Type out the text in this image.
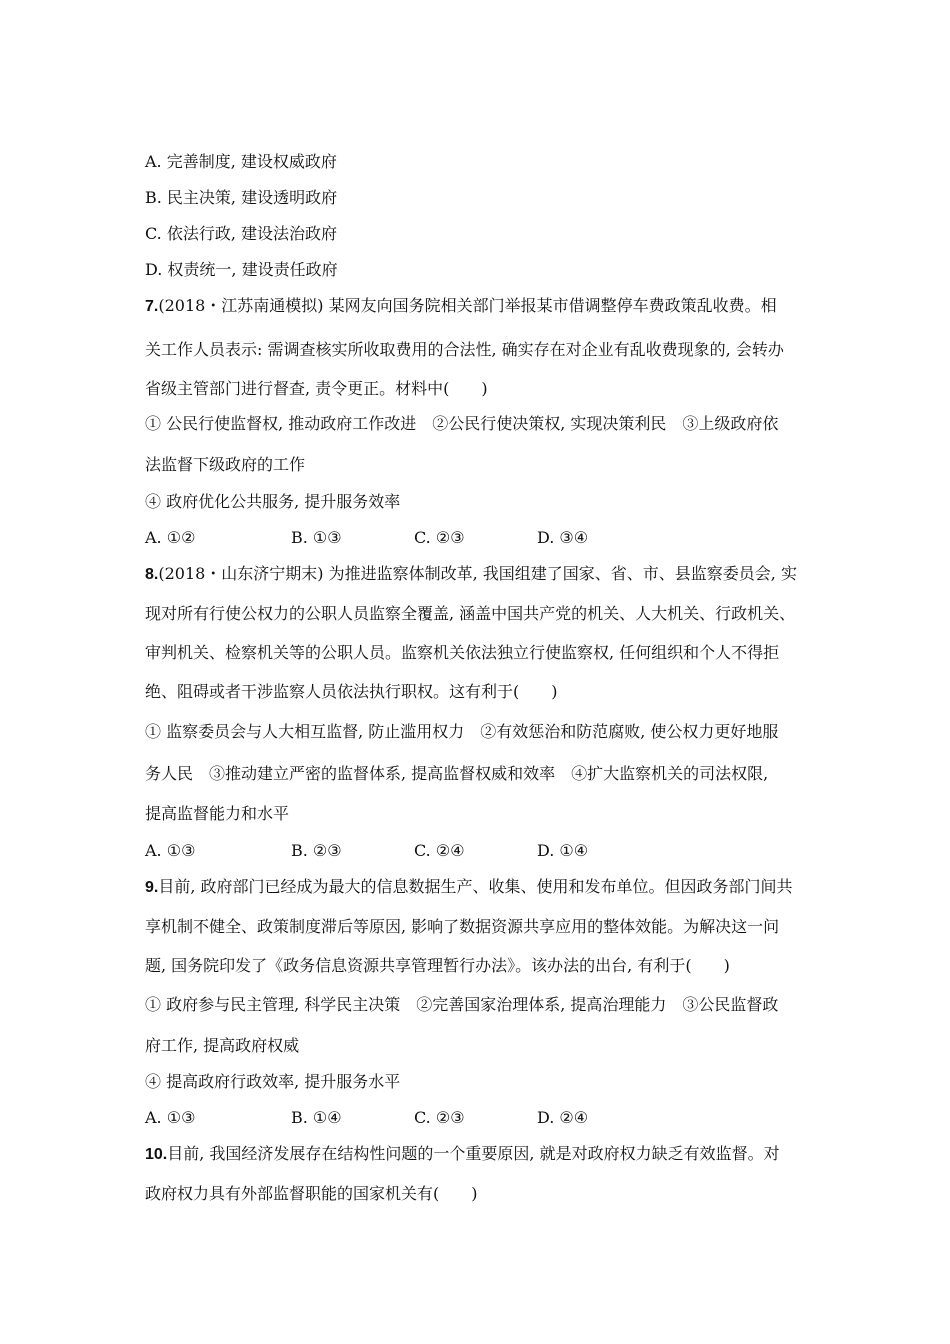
A. 完善制度, 建设权威政府
B. 民主决策, 建设透明政府
C. 依法行政, 建设法治政府
D. 权责统一, 建设责任政府
7.(2018・江苏南通模拟) 某网友向国务院相关部门举报某市借调整停车费政策乱收费。相
关工作人员表示: 需调查核实所收取费用的合法性, 确实存在对企业有乱收费现象的, 会转办
省级主管部门进行督查, 责令更正。材料中(　　)
① 公民行使监督权, 推动政府工作改进　②公民行使决策权, 实现决策利民　③上级政府依
法监督下级政府的工作
④ 政府优化公共服务, 提升服务效率
A. ①②	B. ①③	C. ②③	D. ③④
8.(2018・山东济宁期末) 为推进监察体制改革, 我国组建了国家、省、市、县监察委员会, 实
现对所有行使公权力的公职人员监察全覆盖, 涵盖中国共产党的机关、人大机关、行政机关、
审判机关、检察机关等的公职人员。监察机关依法独立行使监察权, 任何组织和个人不得拒
绝、阻碍或者干涉监察人员依法执行职权。这有利于(　　)
① 监察委员会与人大相互监督, 防止滥用权力　②有效惩治和防范腐败, 使公权力更好地服
务人民　③推动建立严密的监督体系, 提高监督权威和效率　④扩大监察机关的司法权限,
提高监督能力和水平
A. ①③	B. ②③	C. ②④	D. ①④
9.目前, 政府部门已经成为最大的信息数据生产、收集、使用和发布单位。但因政务部门间共
享机制不健全、政策制度滞后等原因, 影响了数据资源共享应用的整体效能。为解决这一问
题, 国务院印发了《政务信息资源共享管理暂行办法》。该办法的出台, 有利于(　　)
① 政府参与民主管理, 科学民主决策　②完善国家治理体系, 提高治理能力　③公民监督政
府工作, 提高政府权威
④ 提高政府行政效率, 提升服务水平
A. ①③	B. ①④	C. ②③	D. ②④
10.目前, 我国经济发展存在结构性问题的一个重要原因, 就是对政府权力缺乏有效监督。对
政府权力具有外部监督职能的国家机关有(　　)
